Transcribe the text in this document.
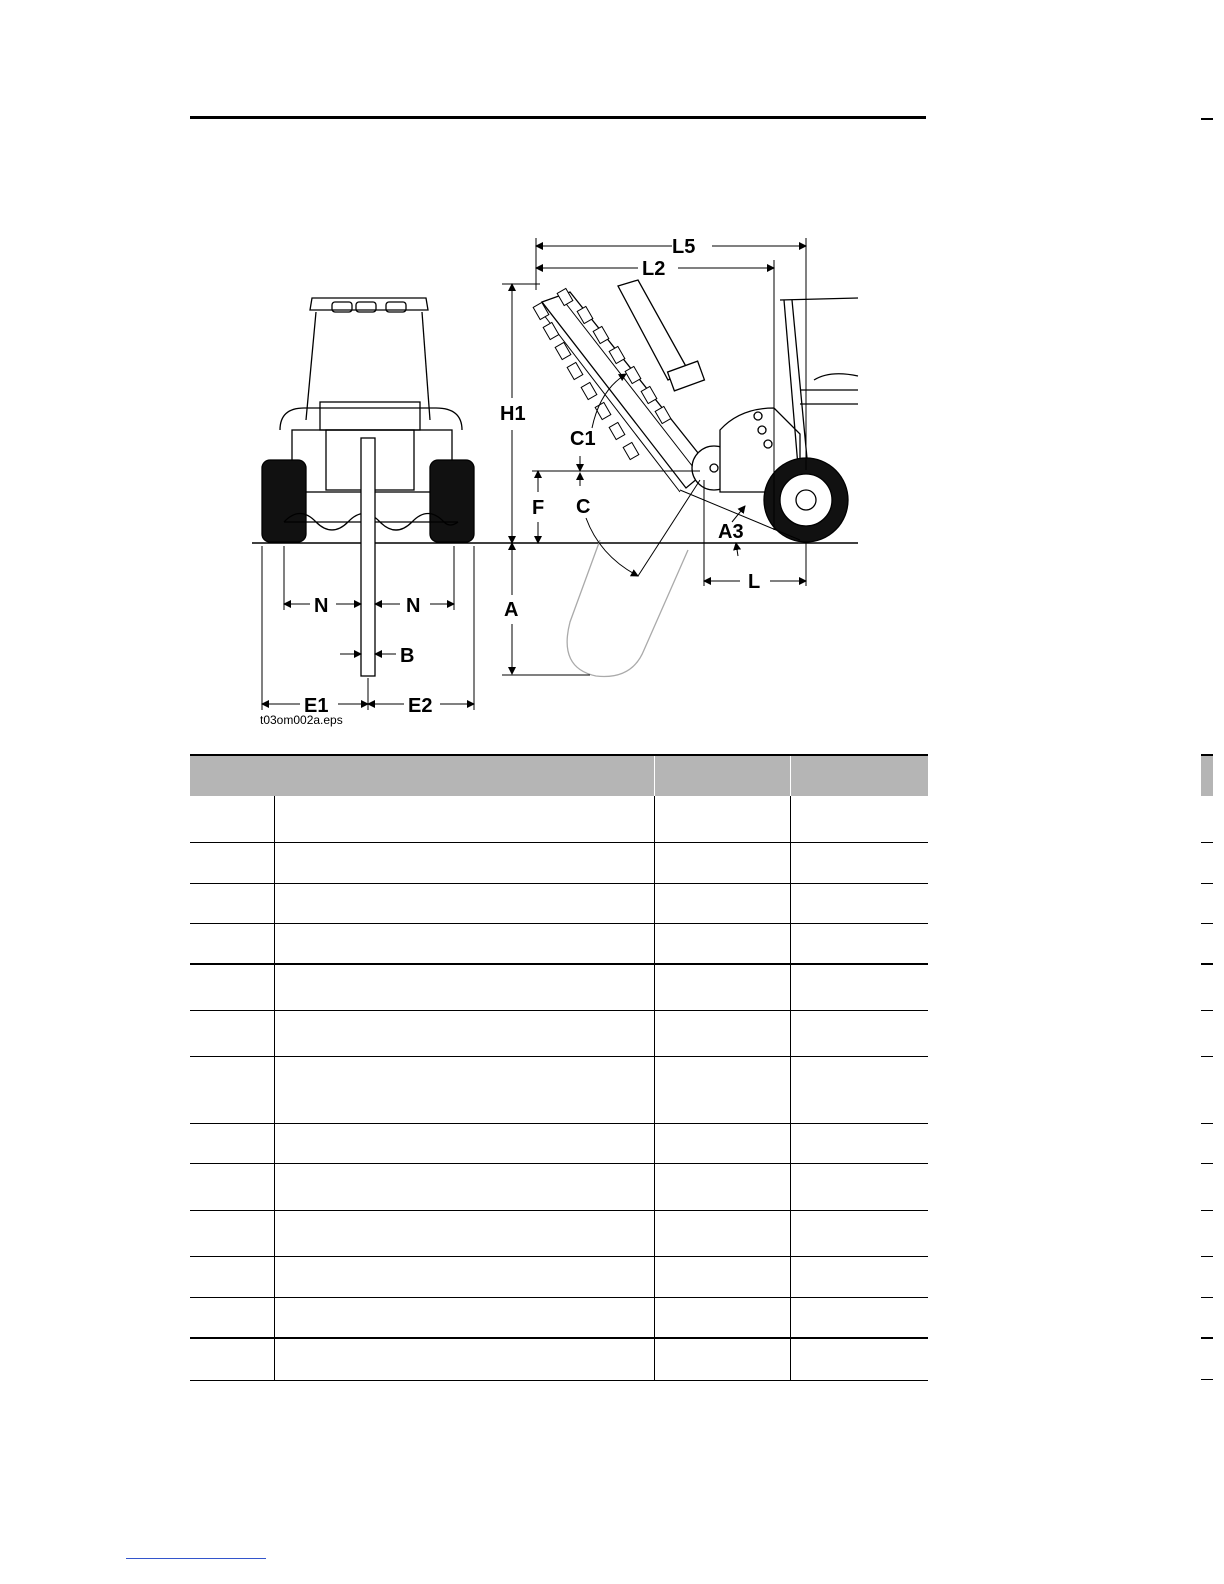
L5
L2
H1
C1
C
F
A
A3
L
N	N
B
E1	E2
t03om002a.eps
